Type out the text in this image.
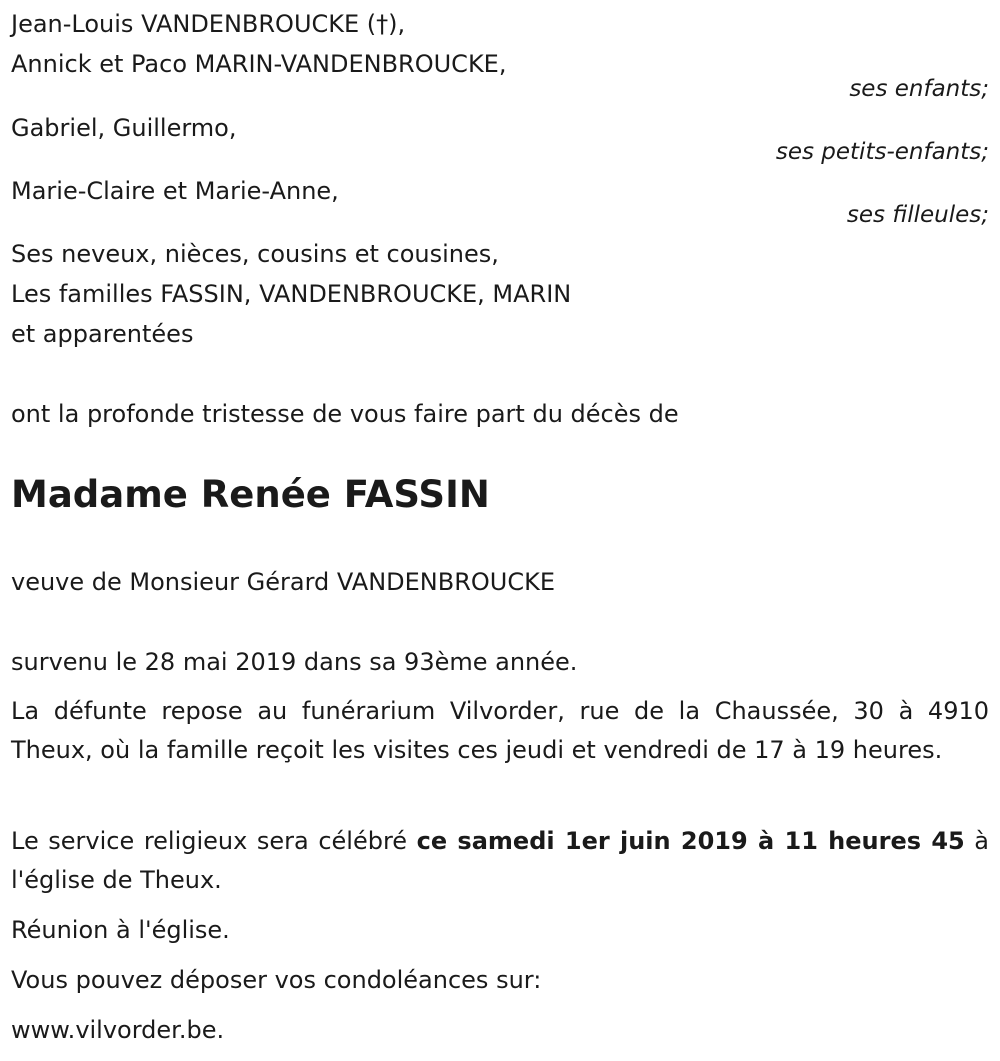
Jean-Louis VANDENBROUCKE (†),
Annick et Paco MARIN-VANDENBROUCKE,
ses enfants;
Gabriel, Guillermo,
ses petits-enfants;
Marie-Claire et Marie-Anne,
ses filleules;
Ses neveux, nièces, cousins et cousines,
Les familles FASSIN, VANDENBROUCKE, MARIN
et apparentées
ont la profonde tristesse de vous faire part du décès de
Madame Renée FASSIN
veuve de Monsieur Gérard VANDENBROUCKE
survenu le 28 mai 2019 dans sa 93ème année.
La défunte repose au funérarium Vilvorder, rue de la Chaussée, 30 à 4910 Theux, où la famille reçoit les visites ces jeudi et vendredi de 17 à 19 heures.
Le service religieux sera célébré ce samedi 1er juin 2019 à 11 heures 45 à l'église de Theux.
Réunion à l'église.
Vous pouvez déposer vos condoléances sur:
www.vilvorder.be.
